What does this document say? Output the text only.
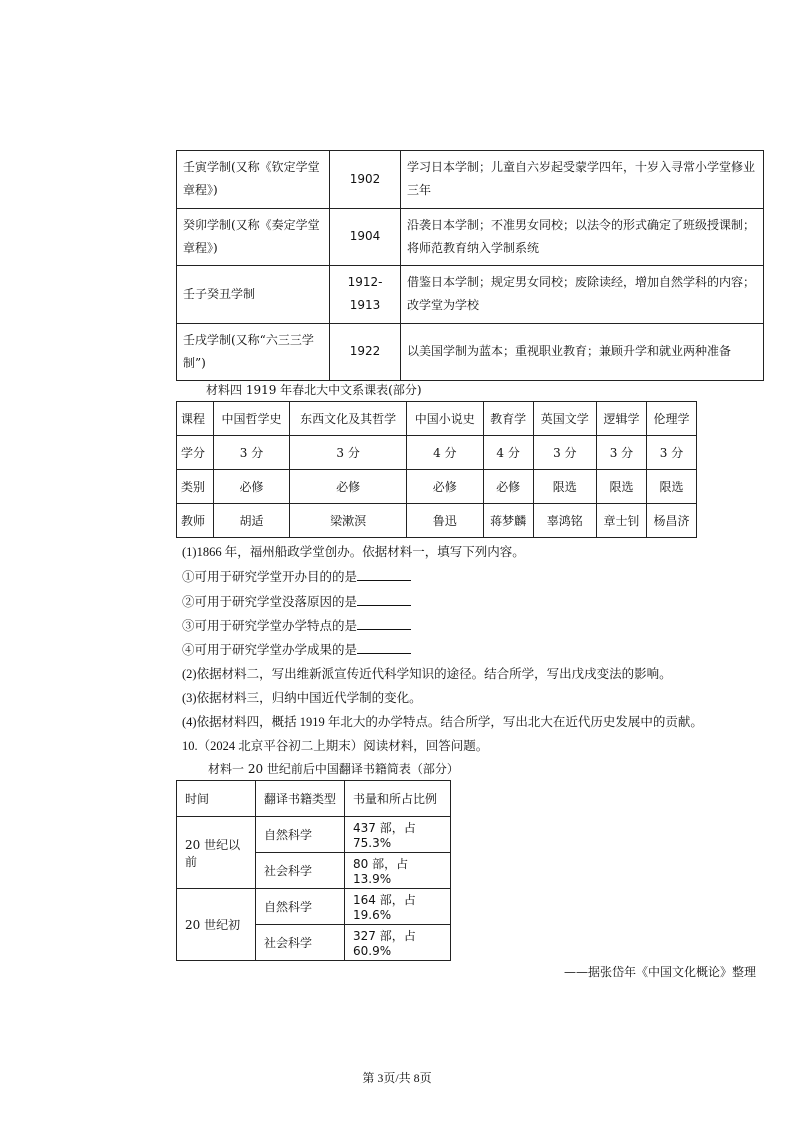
壬寅学制(又称《钦定学堂章程》)	1902	学习日本学制；儿童自六岁起受蒙学四年，十岁入寻常小学堂修业三年
癸卯学制(又称《奏定学堂章程》)	1904	沿袭日本学制；不准男女同校；以法令的形式确定了班级授课制；将师范教育纳入学制系统
壬子癸丑学制	1912-1913	借鉴日本学制；规定男女同校；废除读经，增加自然学科的内容；改学堂为学校
壬戌学制(又称“六三三学制”)	1922	以美国学制为蓝本；重视职业教育；兼顾升学和就业两种准备
材料四 1919 年春北大中文系课表(部分)
课程	中国哲学史	东西文化及其哲学	中国小说史	教育学	英国文学	逻辑学	伦理学
学分	3 分	3 分	4 分	4 分	3 分	3 分	3 分
类别	必修	必修	必修	必修	限选	限选	限选
教师	胡适	梁漱溟	鲁迅	蒋梦麟	辜鸿铭	章士钊	杨昌济
(1)1866 年，福州船政学堂创办。依据材料一，填写下列内容。
①可用于研究学堂开办目的的是
②可用于研究学堂没落原因的是
③可用于研究学堂办学特点的是
④可用于研究学堂办学成果的是
(2)依据材料二，写出维新派宣传近代科学知识的途径。结合所学，写出戊戌变法的影响。
(3)依据材料三，归纳中国近代学制的变化。
(4)依据材料四，概括 1919 年北大的办学特点。结合所学，写出北大在近代历史发展中的贡献。
10.（2024 北京平谷初二上期末）阅读材料，回答问题。
材料一 20 世纪前后中国翻译书籍简表（部分）
时间	翻译书籍类型	书量和所占比例
20 世纪以前	自然科学	437 部，占 75.3%
	社会科学	80 部，占 13.9%
20 世纪初	自然科学	164 部，占 19.6%
	社会科学	327 部，占 60.9%
——据张岱年《中国文化概论》整理
第 3页/共 8页
